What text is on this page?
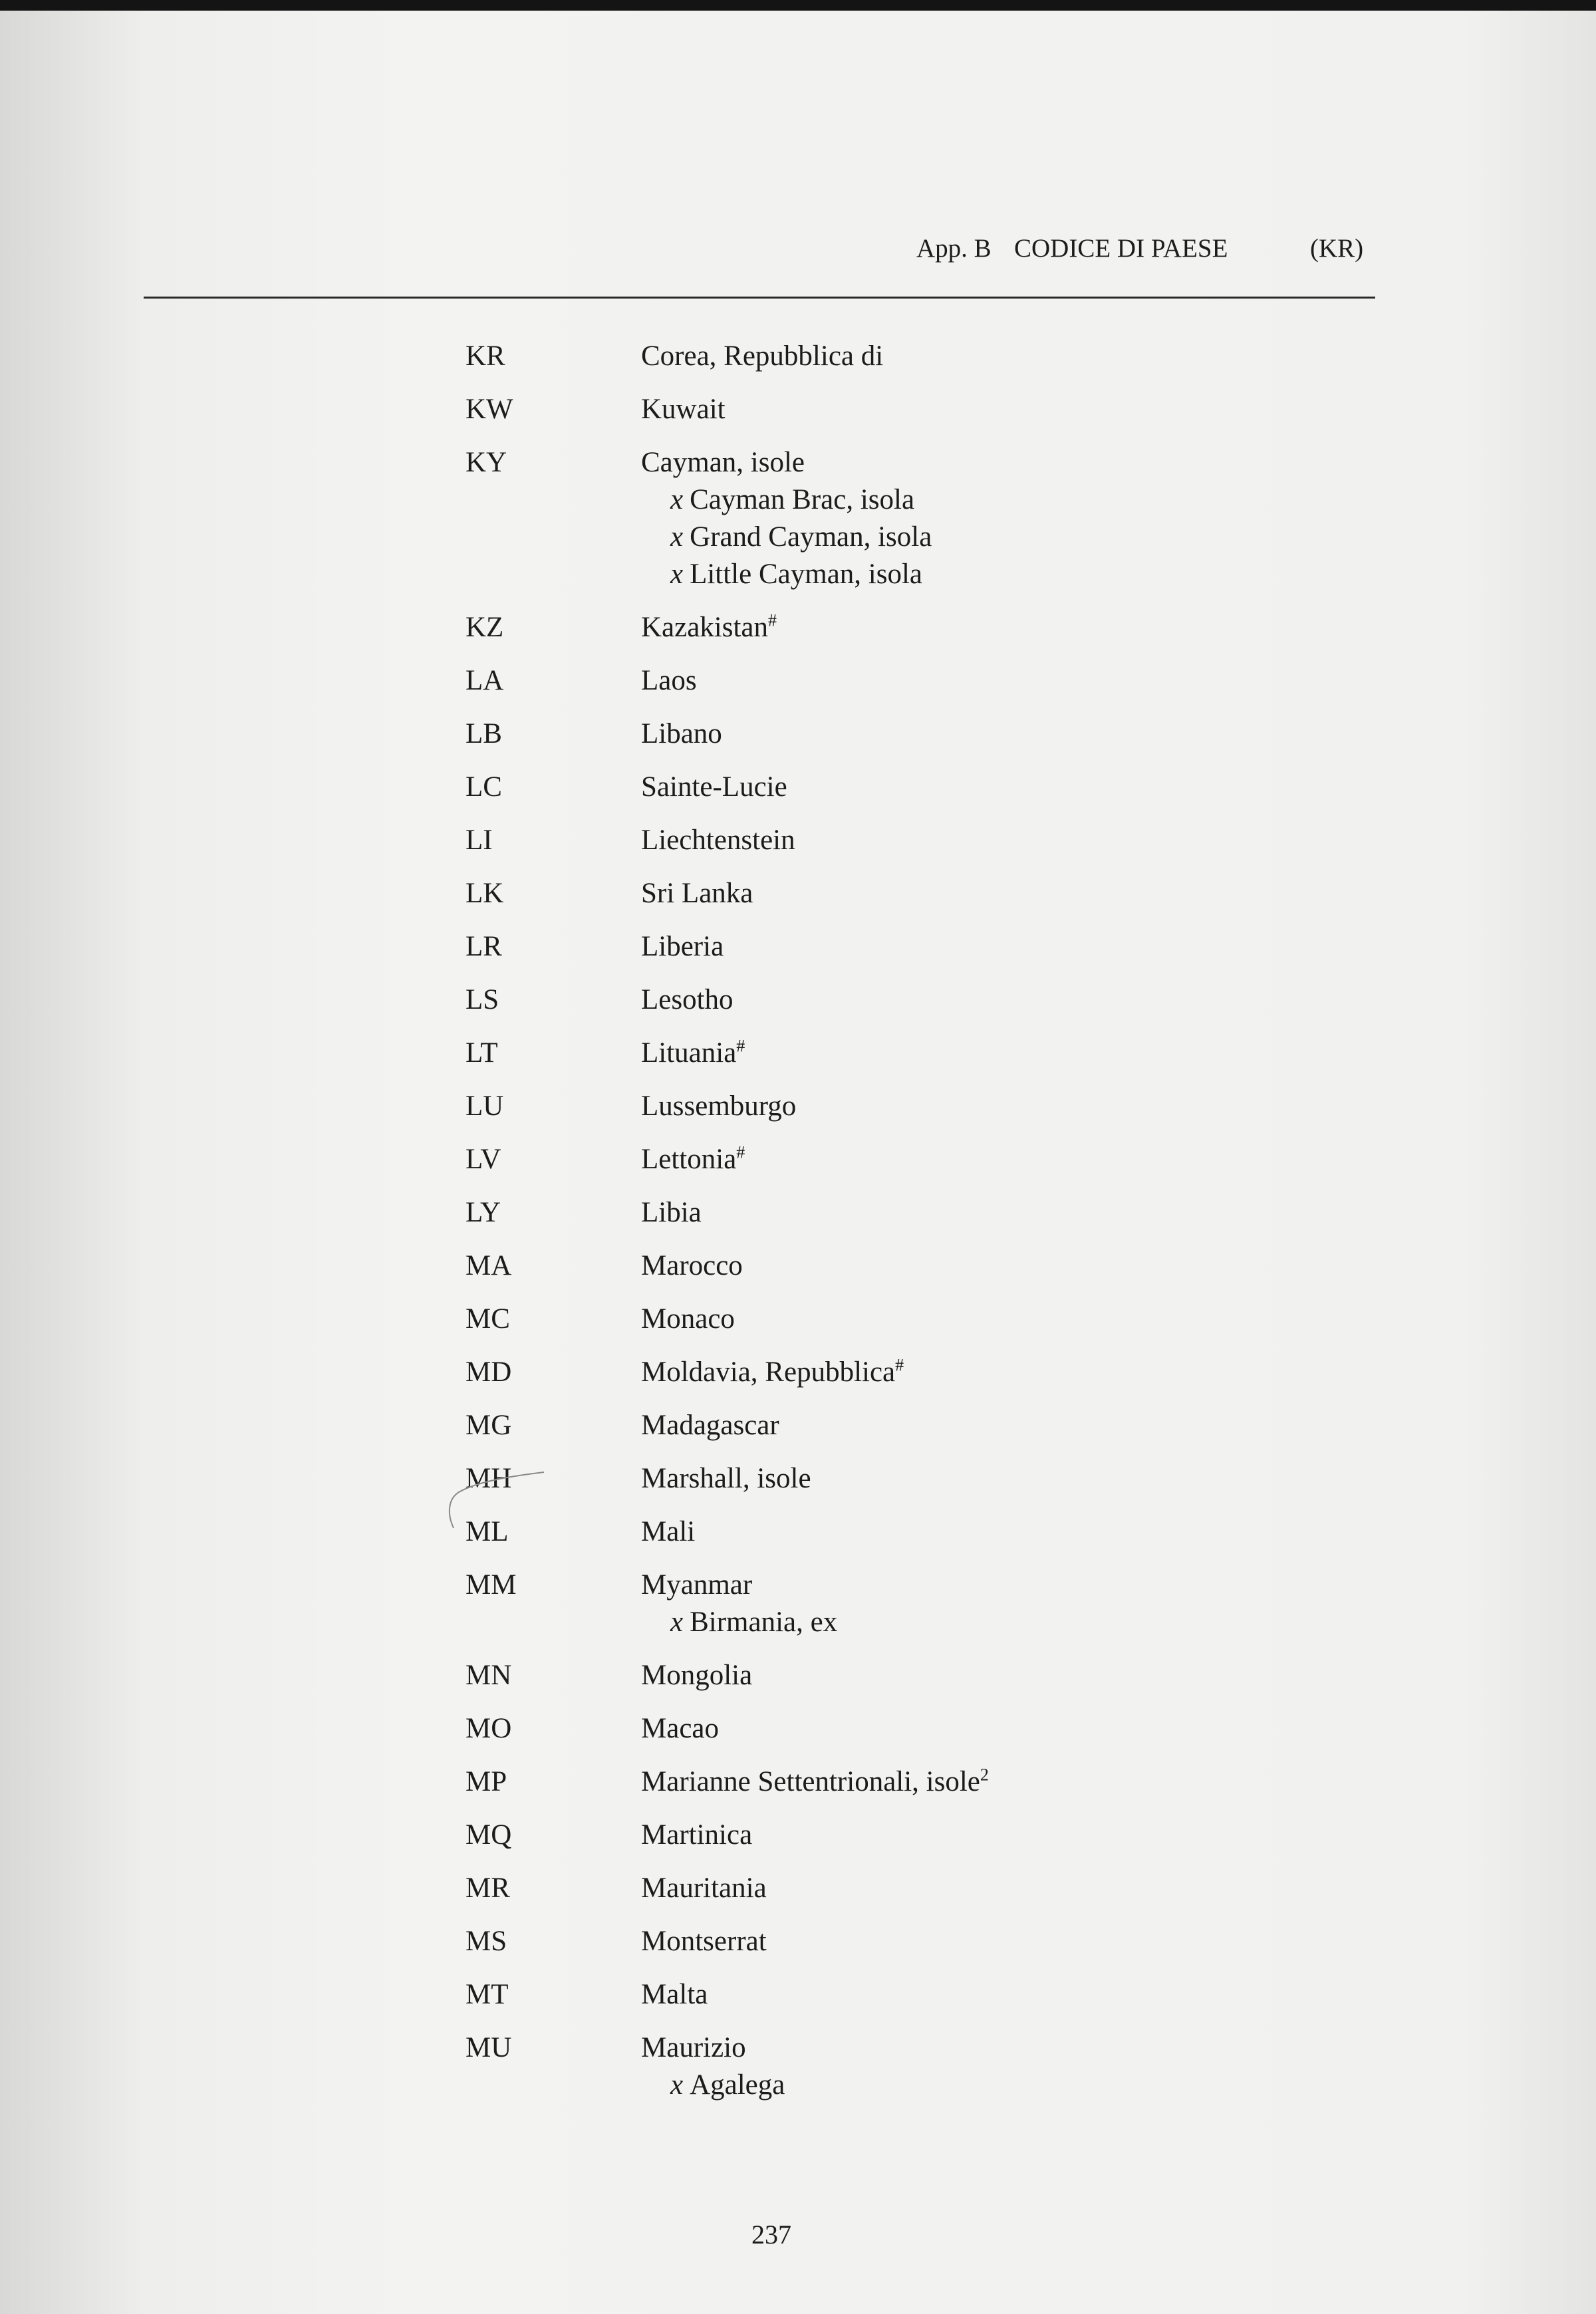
App. B CODICE DI PAESE	(KR)
KR	Corea, Repubblica di
KW	Kuwait
KY	Cayman, isole
x Cayman Brac, isola
x Grand Cayman, isola
x Little Cayman, isola
KZ	Kazakistan#
LA	Laos
LB	Libano
LC	Sainte-Lucie
LI	Liechtenstein
LK	Sri Lanka
LR	Liberia
LS	Lesotho
LT	Lituania#
LU	Lussemburgo
LV	Lettonia#
LY	Libia
MA	Marocco
MC	Monaco
MD	Moldavia, Repubblica#
MG	Madagascar
MH	Marshall, isole
ML	Mali
MM	Myanmar
x Birmania, ex
MN	Mongolia
MO	Macao
MP	Marianne Settentrionali, isole$^2$
MQ	Martinica
MR	Mauritania
MS	Montserrat
MT	Malta
MU	Maurizio
x Agalega
237
